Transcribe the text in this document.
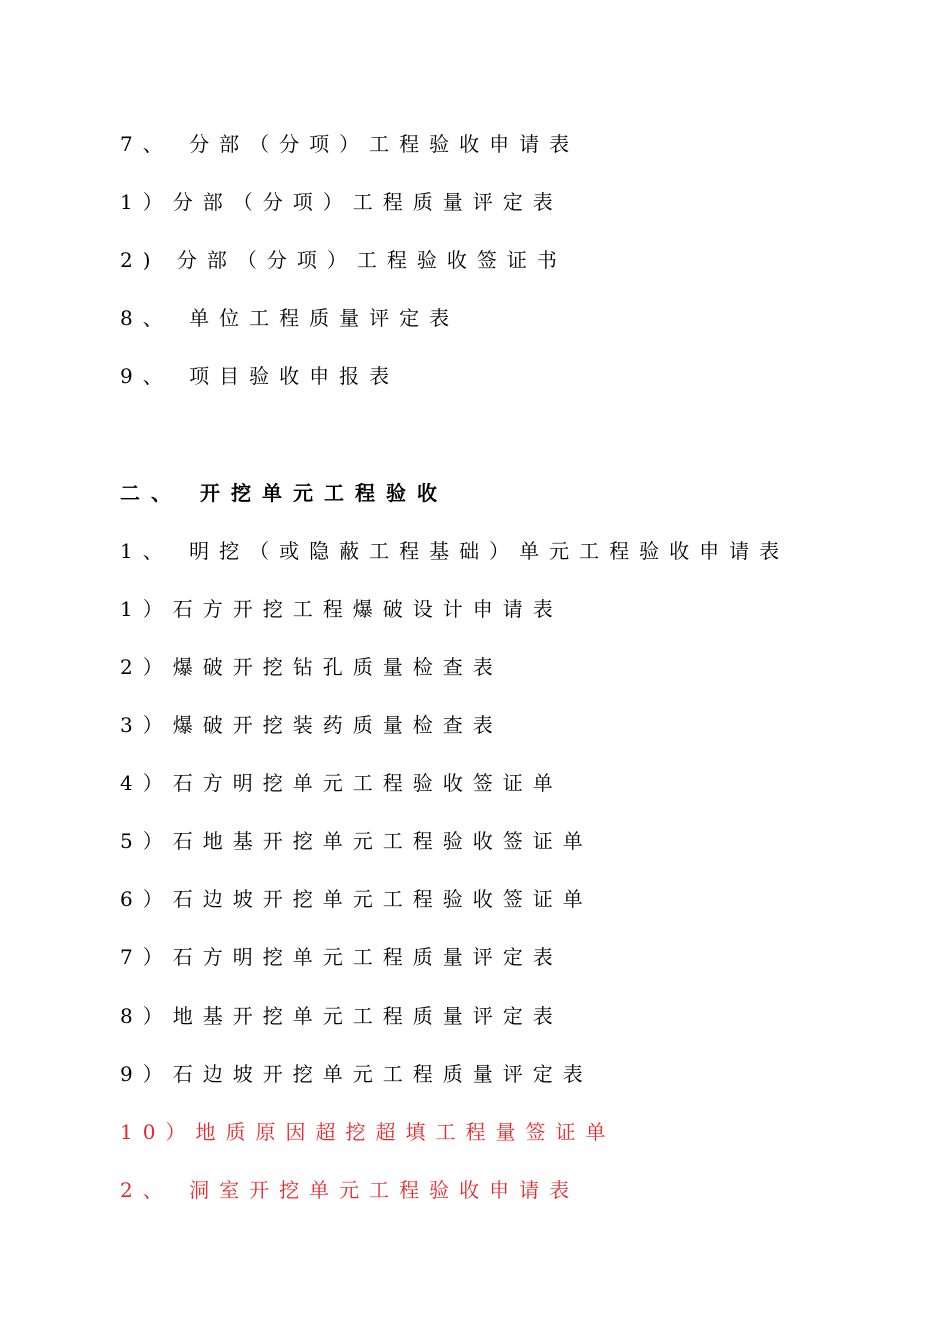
7、 分部（分项）工程验收申请表
1）分部（分项）工程质量评定表
2) 分部（分项）工程验收签证书
8、 单位工程质量评定表
9、 项目验收申报表
二、 开挖单元工程验收
1、 明挖（或隐蔽工程基础）单元工程验收申请表
1）石方开挖工程爆破设计申请表
2）爆破开挖钻孔质量检查表
3）爆破开挖装药质量检查表
4）石方明挖单元工程验收签证单
5）石地基开挖单元工程验收签证单
6）石边坡开挖单元工程验收签证单
7）石方明挖单元工程质量评定表
8）地基开挖单元工程质量评定表
9）石边坡开挖单元工程质量评定表
10）地质原因超挖超填工程量签证单
2、 洞室开挖单元工程验收申请表
